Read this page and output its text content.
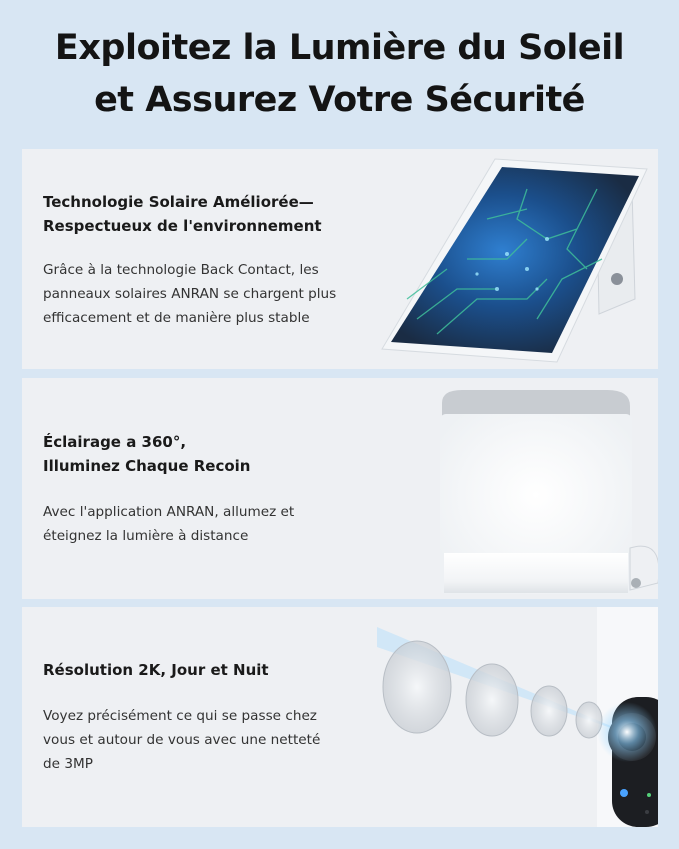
Exploitez la Lumière du Soleil
et Assurez Votre Sécurité
Technologie Solaire Améliorée—
Respectueux de l'environnement
Grâce à la technologie Back Contact, les
panneaux solaires ANRAN se chargent plus
efficacement et de manière plus stable
Éclairage a 360°,
Illuminez Chaque Recoin
Avec l'application ANRAN, allumez et
éteignez la lumière à distance
Résolution 2K, Jour et Nuit
Voyez précisément ce qui se passe chez
vous et autour de vous avec une netteté
de 3MP
